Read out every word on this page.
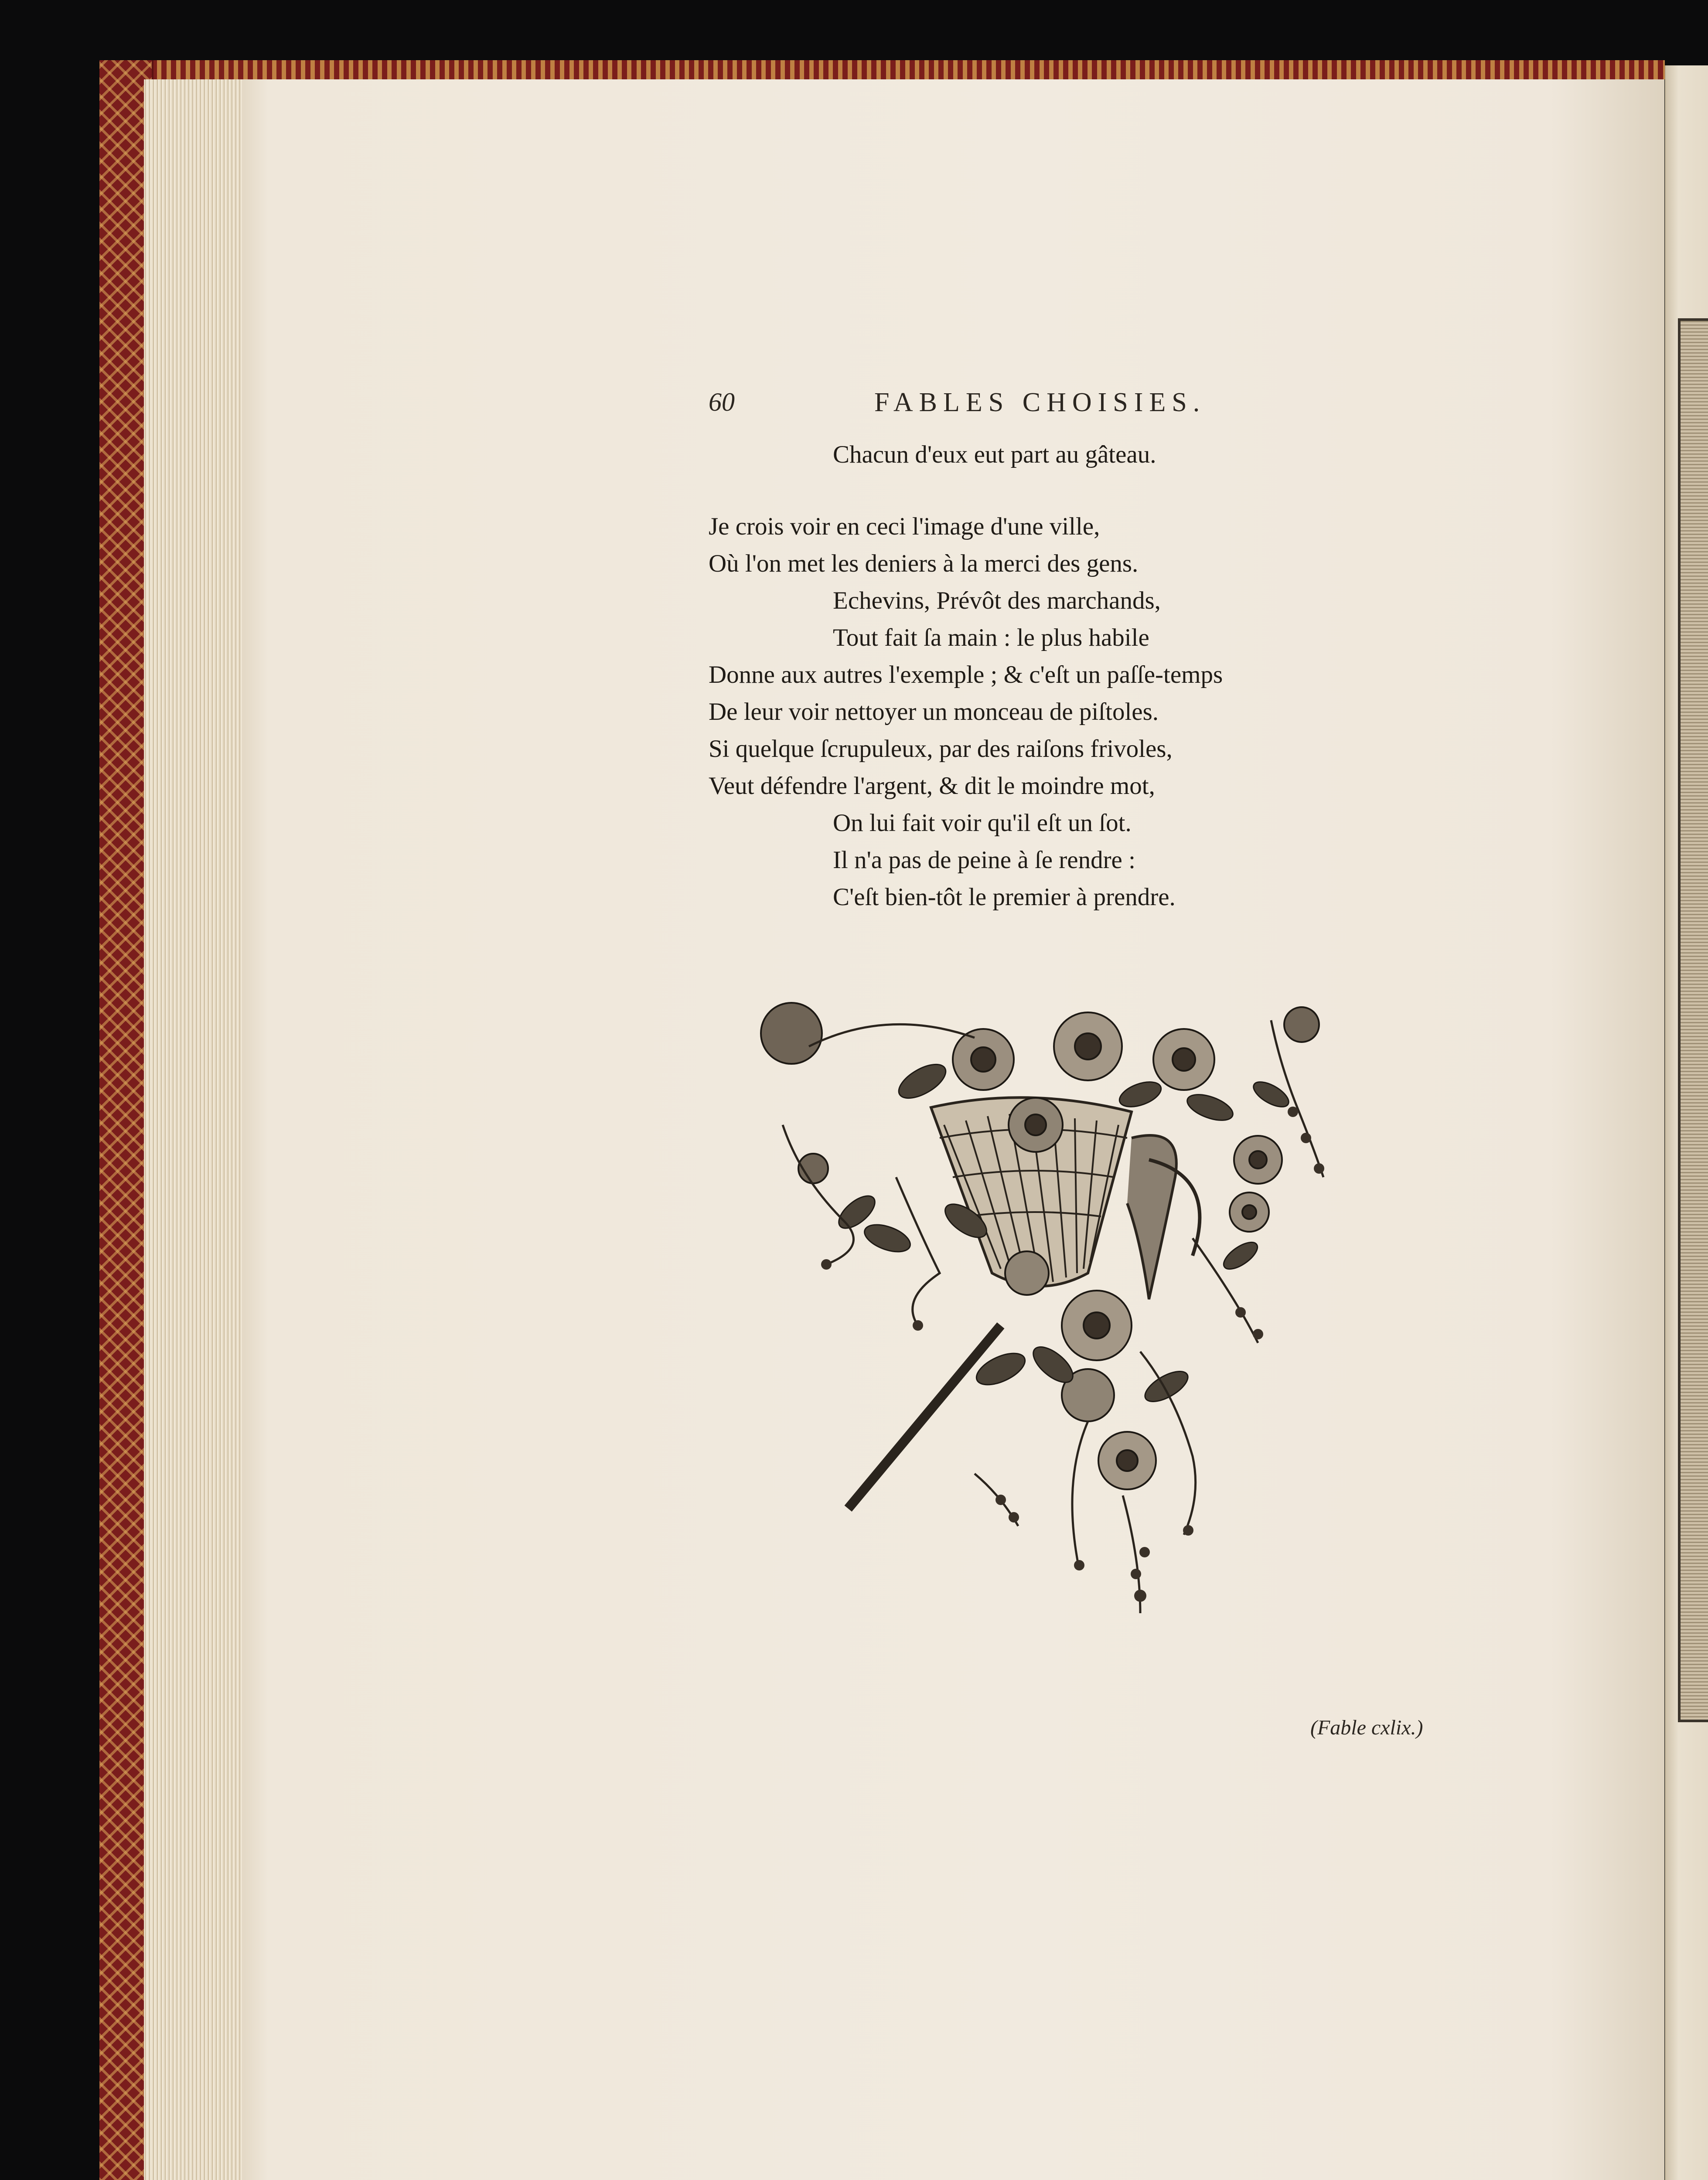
60	FABLES CHOISIES.
Chacun d'eux eut part au gâteau.
Je crois voir en ceci l'image d'une ville,
Où l'on met les deniers à la merci des gens.
Echevins, Prévôt des marchands,
Tout fait ſa main : le plus habile
Donne aux autres l'exemple ; & c'eſt un paſſe-temps
De leur voir nettoyer un monceau de piſtoles.
Si quelque ſcrupuleux, par des raiſons frivoles,
Veut défendre l'argent, & dit le moindre mot,
On lui fait voir qu'il eſt un ſot.
Il n'a pas de peine à ſe rendre :
C'eſt bien-tôt le premier à prendre.
(Fable cxlix.)
